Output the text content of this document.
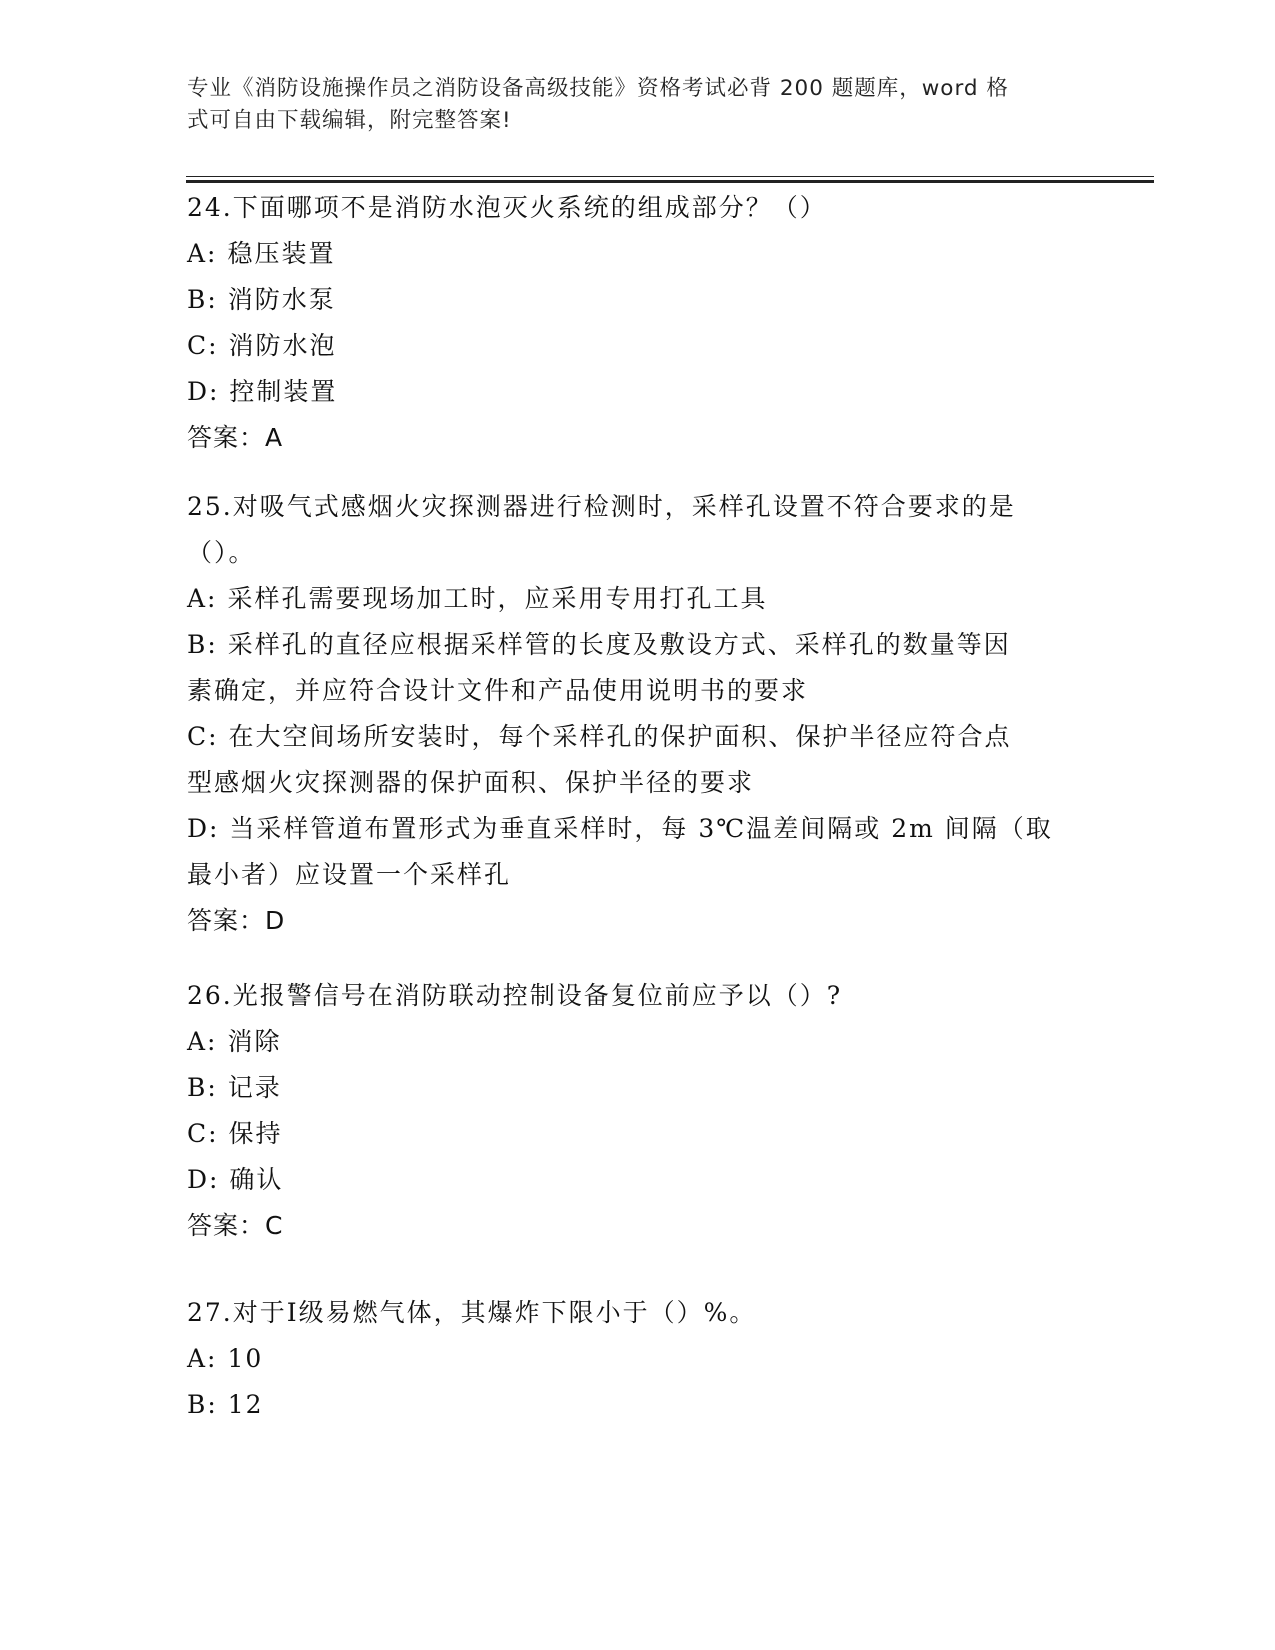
专业《消防设施操作员之消防设备高级技能》资格考试必背 200 题题库，word 格
式可自由下载编辑，附完整答案!

24.下面哪项不是消防水泡灭火系统的组成部分？（）

A: 稳压装置

B: 消防水泵

C: 消防水泡

D: 控制装置

答案：A

25.对吸气式感烟火灾探测器进行检测时，采样孔设置不符合要求的是

（）。

A: 采样孔需要现场加工时，应采用专用打孔工具

B: 采样孔的直径应根据采样管的长度及敷设方式、采样孔的数量等因

素确定，并应符合设计文件和产品使用说明书的要求

C: 在大空间场所安装时，每个采样孔的保护面积、保护半径应符合点

型感烟火灾探测器的保护面积、保护半径的要求

D: 当采样管道布置形式为垂直采样时，每 3℃温差间隔或 2m 间隔（取

最小者）应设置一个采样孔

答案：D

26.光报警信号在消防联动控制设备复位前应予以（）?

A: 消除

B: 记录

C: 保持

D: 确认

答案：C

27.对于Ⅰ级易燃气体，其爆炸下限小于（）%。

A: 10

B: 12
